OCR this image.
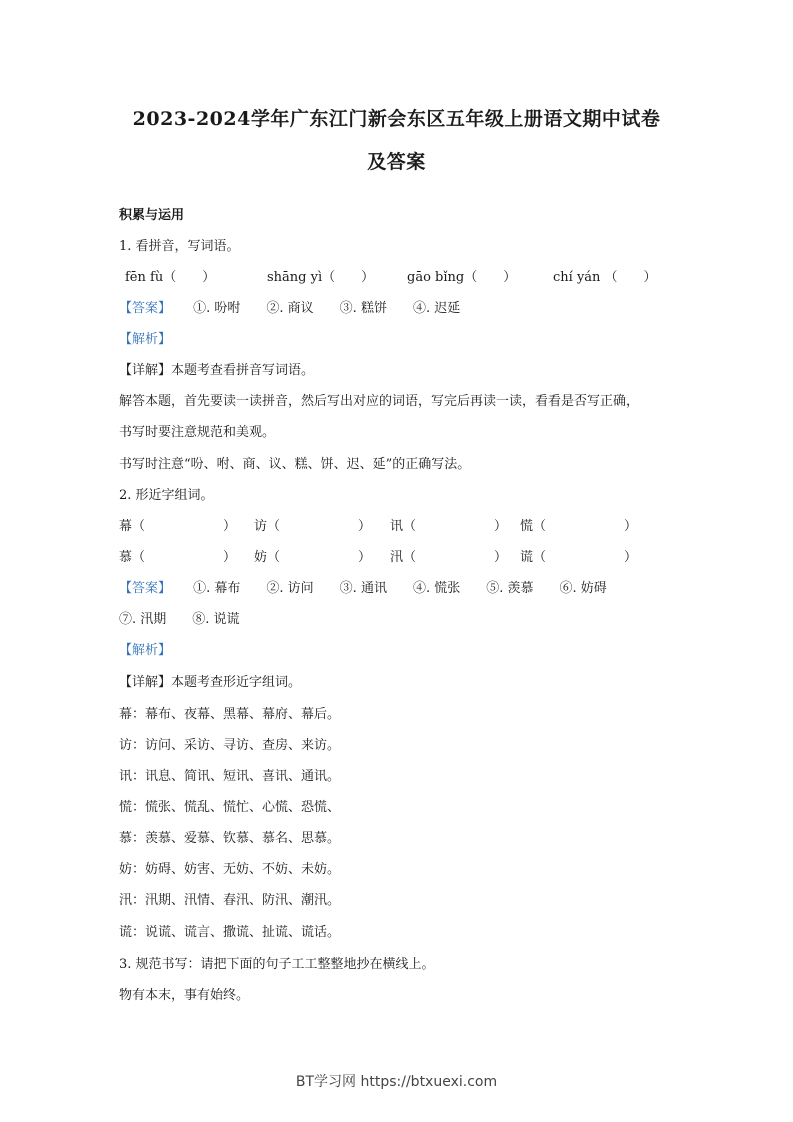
2023-2024学年广东江门新会东区五年级上册语文期中试卷
及答案
积累与运用
1. 看拼音，写词语。
fēn fù（　　）	shāng yì（　　）	gāo bǐng（　　）	chí yán （　　）
【答案】 ①. 吩咐　　②. 商议　　③. 糕饼　　④. 迟延
【解析】
【详解】本题考查看拼音写词语。
解答本题，首先要读一读拼音，然后写出对应的词语，写完后再读一读，看看是否写正确，
书写时要注意规范和美观。
书写时注意“吩、咐、商、议、糕、饼、迟、延”的正确写法。
2. 形近字组词。
幕（　　　　　　） 访（　　　　　　） 讯（　　　　　　） 慌（　　　　　　）
慕（　　　　　　） 妨（　　　　　　） 汛（　　　　　　） 谎（　　　　　　）
【答案】 ①. 幕布　　②. 访问　　③. 通讯　　④. 慌张　　⑤. 羡慕　　⑥. 妨碍
⑦. 汛期　　⑧. 说谎
【解析】
【详解】本题考查形近字组词。
幕：幕布、夜幕、黑幕、幕府、幕后。
访：访问、采访、寻访、查房、来访。
讯：讯息、简讯、短讯、喜讯、通讯。
慌：慌张、慌乱、慌忙、心慌、恐慌、
慕：羡慕、爱慕、钦慕、慕名、思慕。
妨：妨碍、妨害、无妨、不妨、未妨。
汛：汛期、汛情、春汛、防汛、潮汛。
谎：说谎、谎言、撒谎、扯谎、谎话。
3. 规范书写：请把下面的句子工工整整地抄在横线上。
物有本末，事有始终。
BT学习网 https://btxuexi.com
